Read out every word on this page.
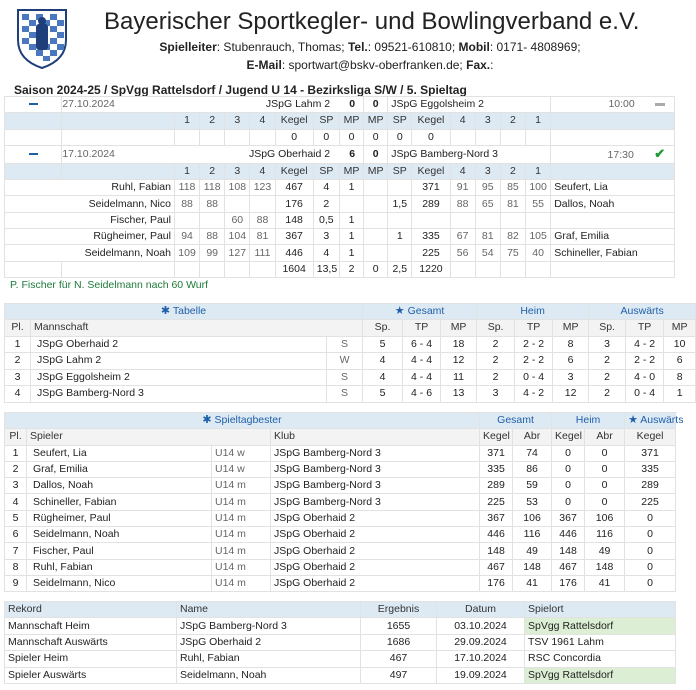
Bayerischer Sportkegler- und Bowlingverband e.V.
Spielleiter: Stubenrauch, Thomas; Tel.: 09521-610810; Mobil: 0171- 4808969;
E-Mail: sportwart@bskv-oberfranken.de; Fax.:
Saison 2024-25 / SpVgg Rattelsdorf / Jugend U 14 - Bezirksliga S/W / 5. Spieltag

	27.10.2024 JSpG Lahm 2 0								0	JSpG Eggolsheim 2						10:00
		1	2	3	4	Kegel	SP	MP	MP	SP	Kegel	4	3	2	1	
						0	0	0	0	0	0					

	17.10.2024 JSpG Oberhaid 2 6								0	JSpG Bamberg-Nord 3						17:30 ✔
		1	2	3	4	Kegel	SP	MP	MP	SP	Kegel	4	3	2	1	
Ruhl, Fabian		118	118	108	123	467	4	1			371	91	95	85	100	Seufert, Lia
Seidelmann, Nico		88	88			176	2			1,5	289	88	65	81	55	Dallos, Noah
Fischer, Paul				60	88	148	0,5	1								
Rügheimer, Paul		94	88	104	81	367	3	1		1	335	67	81	82	105	Graf, Emilia
Seidelmann, Noah		109	99	127	111	446	4	1			225	56	54	75	40	Schineller, Fabian
						1604	13,5	2	0	2,5	1220					
P. Fischer für N. Seidelmann nach 60 Wurf
✱ Tabelle			★ Gesamt			Heim			Auswärts		
Pl.	Mannschaft		Sp.	TP	MP	Sp.	TP	MP	Sp.	TP	MP
1	JSpG Oberhaid 2	S	5	6 - 4	18	2	2 - 2	8	3	4 - 2	10
2	JSpG Lahm 2	W	4	4 - 4	12	2	2 - 2	6	2	2 - 2	6
3	JSpG Eggolsheim 2	S	4	4 - 4	11	2	0 - 4	3	2	4 - 0	8
4	JSpG Bamberg-Nord 3	S	5	4 - 6	13	3	4 - 2	12	2	0 - 4	1
✱ Spieltagbester				Gesamt		Heim		★ Auswärts	
Pl.	Spieler		Klub	Kegel	Abr	Kegel	Abr	Kegel	
1	Seufert, Lia	U14 w	JSpG Bamberg-Nord 3	371	74	0	0	371	
2	Graf, Emilia	U14 w	JSpG Bamberg-Nord 3	335	86	0	0	335	
3	Dallos, Noah	U14 m	JSpG Bamberg-Nord 3	289	59	0	0	289	
4	Schineller, Fabian	U14 m	JSpG Bamberg-Nord 3	225	53	0	0	225	
5	Rügheimer, Paul	U14 m	JSpG Oberhaid 2	367	106	367	106	0	
6	Seidelmann, Noah	U14 m	JSpG Oberhaid 2	446	116	446	116	0	
7	Fischer, Paul	U14 m	JSpG Oberhaid 2	148	49	148	49	0	
8	Ruhl, Fabian	U14 m	JSpG Oberhaid 2	467	148	467	148	0	
9	Seidelmann, Nico	U14 m	JSpG Oberhaid 2	176	41	176	41	0	
Rekord	Name	Ergebnis	Datum	Spielort
Mannschaft Heim	JSpG Bamberg-Nord 3	1655	03.10.2024	SpVgg Rattelsdorf
Mannschaft Auswärts	JSpG Oberhaid 2	1686	29.09.2024	TSV 1961 Lahm
Spieler Heim	Ruhl, Fabian	467	17.10.2024	RSC Concordia
Spieler Auswärts	Seidelmann, Noah	497	19.09.2024	SpVgg Rattelsdorf
